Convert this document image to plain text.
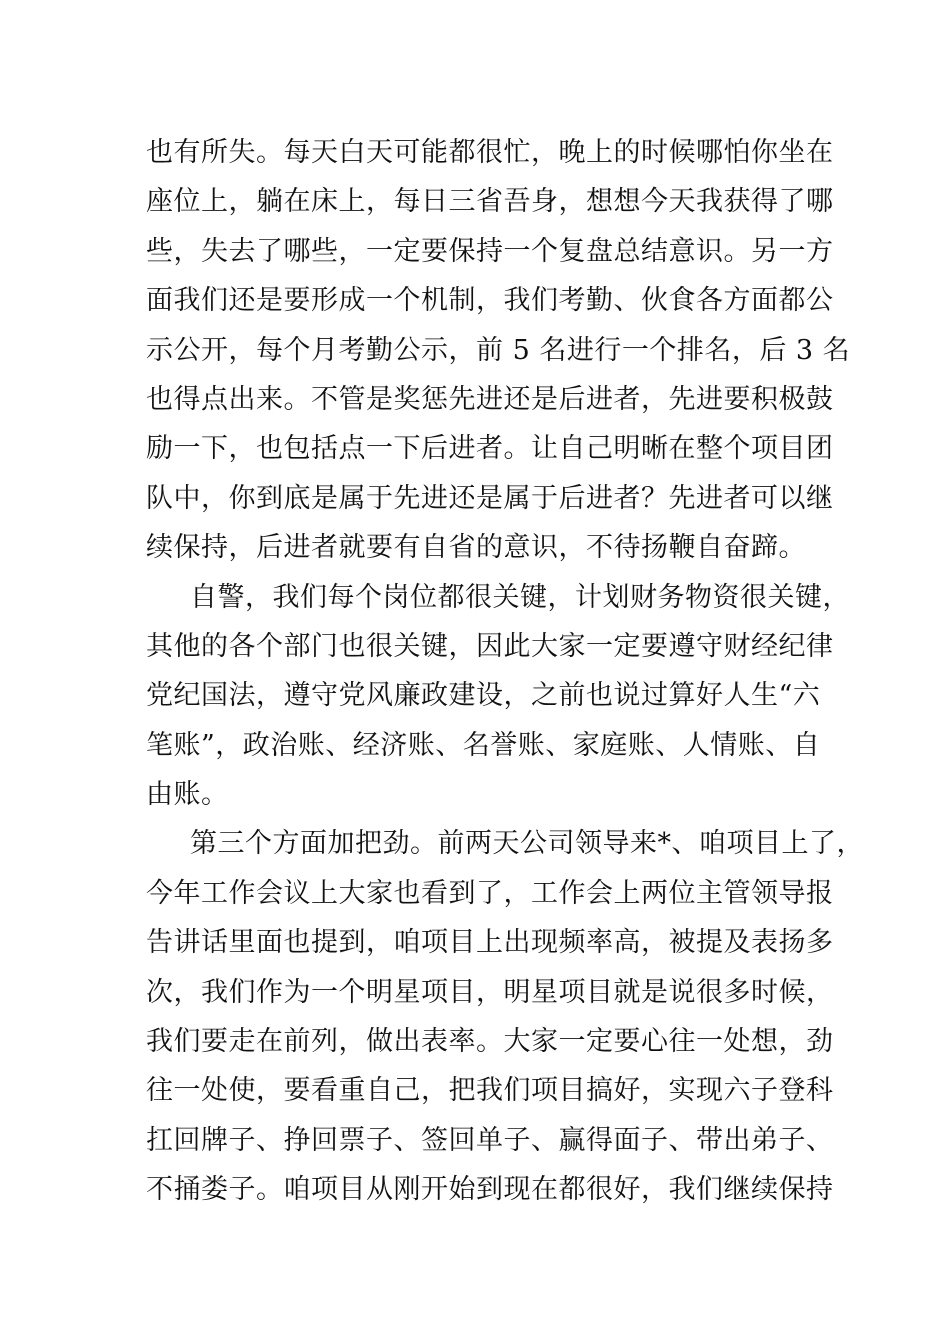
也有所失。每天白天可能都很忙，晚上的时候哪怕你坐在
座位上，躺在床上，每日三省吾身，想想今天我获得了哪
些，失去了哪些，一定要保持一个复盘总结意识。另一方
面我们还是要形成一个机制，我们考勤、伙食各方面都公
示公开，每个月考勤公示，前 5 名进行一个排名，后 3 名
也得点出来。不管是奖惩先进还是后进者，先进要积极鼓
励一下，也包括点一下后进者。让自己明晰在整个项目团
队中，你到底是属于先进还是属于后进者？先进者可以继
续保持，后进者就要有自省的意识，不待扬鞭自奋蹄。
自警，我们每个岗位都很关键，计划财务物资很关键，
其他的各个部门也很关键，因此大家一定要遵守财经纪律
党纪国法，遵守党风廉政建设，之前也说过算好人生“六
笔账”，政治账、经济账、名誉账、家庭账、人情账、自
由账。
第三个方面加把劲。前两天公司领导来*、咱项目上了，
今年工作会议上大家也看到了，工作会上两位主管领导报
告讲话里面也提到，咱项目上出现频率高，被提及表扬多
次，我们作为一个明星项目，明星项目就是说很多时候，
我们要走在前列，做出表率。大家一定要心往一处想，劲
往一处使，要看重自己，把我们项目搞好，实现六子登科
扛回牌子、挣回票子、签回单子、赢得面子、带出弟子、
不捅娄子。咱项目从刚开始到现在都很好，我们继续保持
